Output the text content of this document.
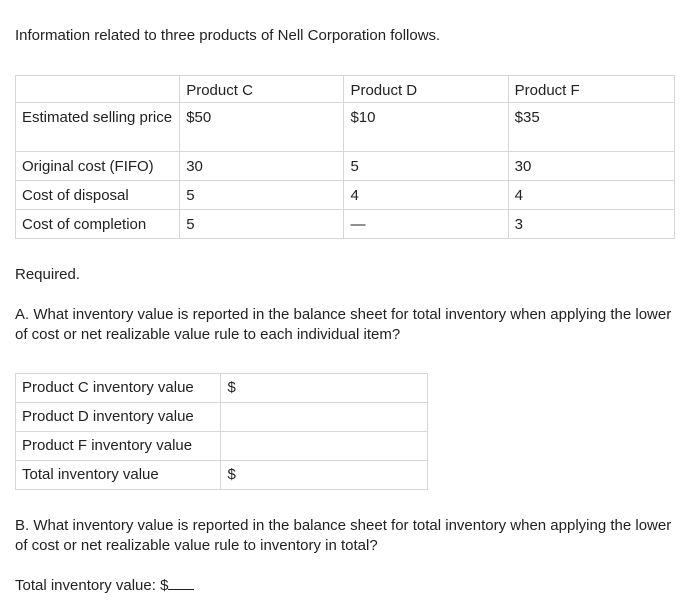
Information related to three products of Nell Corporation follows.

	Product C	Product D	Product F
Estimated selling price	$50	$10	$35
Original cost (FIFO)	30	5	30
Cost of disposal	5	4	4
Cost of completion	5	—	3

Required.

A. What inventory value is reported in the balance sheet for total inventory when applying the lower of cost or net realizable value rule to each individual item?

Product C inventory value	$
Product D inventory value	
Product F inventory value	
Total inventory value	$

B. What inventory value is reported in the balance sheet for total inventory when applying the lower of cost or net realizable value rule to inventory in total?

Total inventory value: $
